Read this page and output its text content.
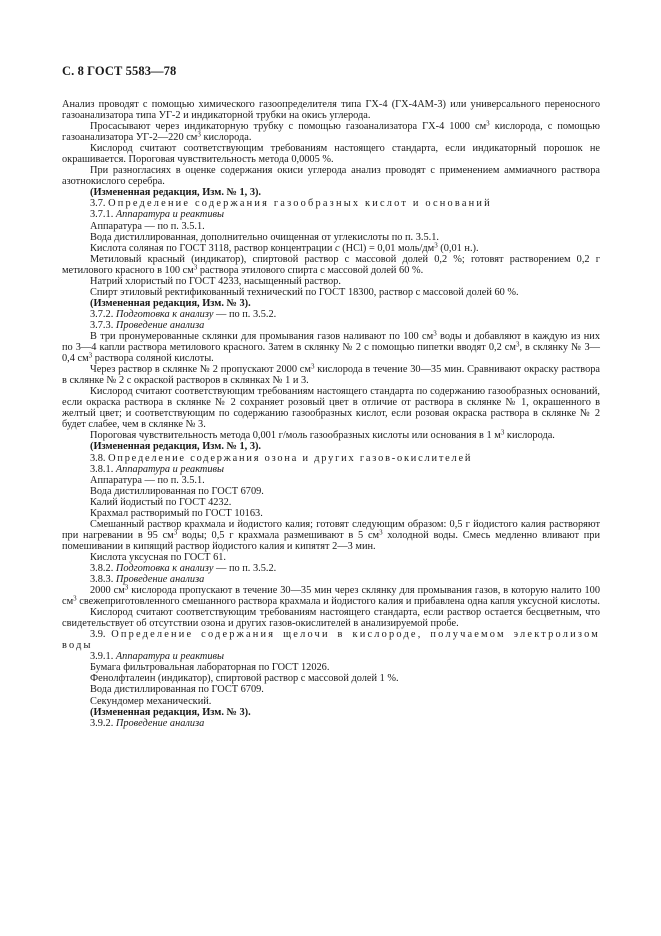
С. 8 ГОСТ 5583—78

Анализ проводят с помощью химического газоопределителя типа ГХ-4 (ГХ-4АМ-3) или универсального переносного газоанализатора типа УГ-2 и индикаторной трубки на окись углерода.

Просасывают через индикаторную трубку с помощью газоанализатора ГХ-4 1000 $см^3$ кислорода, с помощью газоанализатора УГ-2—220 $см^3$ кислорода.

Кислород считают соответствующим требованиям настоящего стандарта, если индикаторный порошок не окрашивается. Пороговая чувствительность метода 0,0005 %.

При разногласиях в оценке содержания окиси углерода анализ проводят с применением аммиачного раствора азотнокислого серебра.

(Измененная редакция, Изм. № 1, 3).

3.7. Определение содержания газообразных кислот и оснований

3.7.1. Аппаратура и реактивы

Аппаратура — по п. 3.5.1.

Вода дистиллированная, дополнительно очищенная от углекислоты по п. 3.5.1.

Кислота соляная по ГОСТ 3118, раствор концентрации с (HCl) = 0,01 моль/$дм^3$ (0,01 н.).

Метиловый красный (индикатор), спиртовой раствор с массовой долей 0,2 %; готовят растворением 0,2 г метилового красного в 100 $см^3$ раствора этилового спирта с массовой долей 60 %.

Натрий хлористый по ГОСТ 4233, насыщенный раствор.

Спирт этиловый ректификованный технический по ГОСТ 18300, раствор с массовой долей 60 %.

(Измененная редакция, Изм. № 3).

3.7.2. Подготовка к анализу — по п. 3.5.2.

3.7.3. Проведение анализа

В три пронумерованные склянки для промывания газов наливают по 100 $см^3$ воды и добавляют в каждую из них по 3—4 капли раствора метилового красного. Затем в склянку № 2 с помощью пипетки вводят 0,2 $см^3$, в склянку № 3—0,4 $см^3$ раствора соляной кислоты.

Через раствор в склянке № 2 пропускают 2000 $см^3$ кислорода в течение 30—35 мин. Сравнивают окраску раствора в склянке № 2 с окраской растворов в склянках № 1 и 3.

Кислород считают соответствующим требованиям настоящего стандарта по содержанию газообразных оснований, если окраска раствора в склянке № 2 сохраняет розовый цвет в отличие от раствора в склянке № 1, окрашенного в желтый цвет; и соответствующим по содержанию газообразных кислот, если розовая окраска раствора в склянке № 2 будет слабее, чем в склянке № 3.

Пороговая чувствительность метода 0,001 г/моль газообразных кислоты или основания в 1 $м^3$ кислорода.

(Измененная редакция, Изм. № 1, 3).

3.8. Определение содержания озона и других газов-окислителей

3.8.1. Аппаратура и реактивы

Аппаратура — по п. 3.5.1.

Вода дистиллированная по ГОСТ 6709.

Калий йодистый по ГОСТ 4232.

Крахмал растворимый по ГОСТ 10163.

Смешанный раствор крахмала и йодистого калия; готовят следующим образом: 0,5 г йодистого калия растворяют при нагревании в 95 $см^3$ воды; 0,5 г крахмала размешивают в 5 $см^3$ холодной воды. Смесь медленно вливают при помешивании в кипящий раствор йодистого калия и кипятят 2—3 мин.

Кислота уксусная по ГОСТ 61.

3.8.2. Подготовка к анализу — по п. 3.5.2.

3.8.3. Проведение анализа

2000 $см^3$ кислорода пропускают в течение 30—35 мин через склянку для промывания газов, в которую налито 100 $см^3$ свежеприготовленного смешанного раствора крахмала и йодистого калия и прибавлена одна капля уксусной кислоты.

Кислород считают соответствующим требованиям настоящего стандарта, если раствор остается бесцветным, что свидетельствует об отсутствии озона и других газов-окислителей в анализируемой пробе.

3.9. Определение содержания щелочи в кислороде, получаемом электролизом воды

3.9.1. Аппаратура и реактивы

Бумага фильтровальная лабораторная по ГОСТ 12026.

Фенолфталеин (индикатор), спиртовой раствор с массовой долей 1 %.

Вода дистиллированная по ГОСТ 6709.

Секундомер механический.

(Измененная редакция, Изм. № 3).

3.9.2. Проведение анализа
